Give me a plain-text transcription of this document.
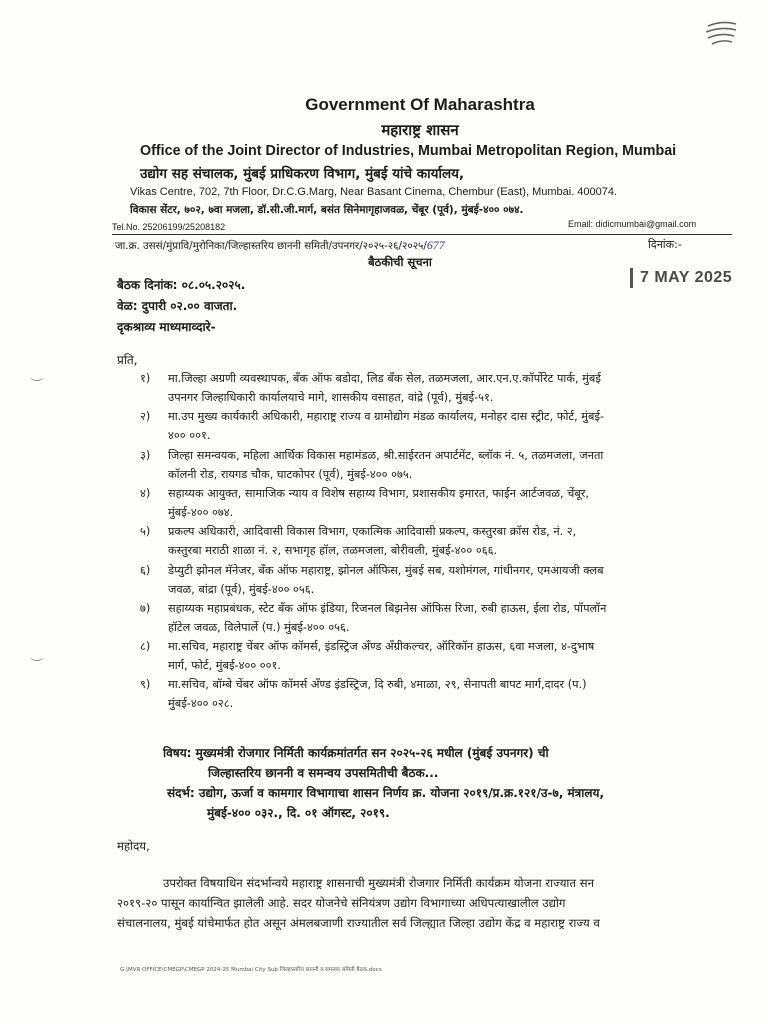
Government Of Maharashtra
महाराष्ट्र शासन
Office of the Joint Director of Industries, Mumbai Metropolitan Region, Mumbai
उद्योग सह संचालक, मुंबई प्राधिकरण विभाग, मुंबई यांचे कार्यालय,
Vikas Centre, 702, 7th Floor, Dr.C.G.Marg, Near Basant Cinema, Chembur (East), Mumbai. 400074.
विकास सेंटर, ७०२, ७वा मजला, डॉ.सी.जी.मार्ग, बसंत सिनेमागृहाजवळ, चेंबूर (पूर्व), मुंबई-४०० ०७४.
Tel.No. 25206199/25208182	Email: didicmumbai@gmail.com
जा.क्र. उससं/मुंप्रावि/मुरोनिका/जिल्हास्तरिय छाननी समिती/उपनगर/२०२५-२६/२०२५/677	दिनांक:-
बैठकीची सूचना
7 MAY 2025
बैठक दिनांक: ०८.०५.२०२५.
वेळ: दुपारी ०२.०० वाजता.
दृकश्राव्य माध्यमाव्दारे-
प्रति,
१) मा.जिल्हा अग्रणी व्यवस्थापक, बँक ऑफ बडोदा, लिड बँक सेल, तळमजला, आर.एन.ए.कॉर्पोरेट पार्क, मुंबई
उपनगर जिल्हाधिकारी कार्यालयाचे मागे, शासकीय वसाहत, वांद्रे (पूर्व), मुंबई-५१.
२) मा.उप मुख्य कार्यकारी अधिकारी, महाराष्ट्र राज्य व ग्रामोद्योग मंडळ कार्यालय, मनोहर दास स्ट्रीट, फोर्ट, मुंबई-
४०० ००१.
३) जिल्हा समन्वयक, महिला आर्थिक विकास महामंडळ, श्री.साईरतन अपार्टमेंट, ब्लॉक नं. ५, तळमजला, जनता
कॉलनी रोड, रायगड चौक, घाटकोपर (पूर्व), मुंबई-४०० ०७५.
४) सहाय्यक आयुक्त, सामाजिक न्याय व विशेष सहाय्य विभाग, प्रशासकीय इमारत, फाईन आर्टजवळ, चेंबूर,
मुंबई-४०० ०७४.
५) प्रकल्प अधिकारी, आदिवासी विकास विभाग, एकात्मिक आदिवासी प्रकल्प, कस्तुरबा क्रॉस रोड, नं. २,
कस्तुरबा मराठी शाळा नं. २, सभागृह हॉल, तळमजला, बोरीवली, मुंबई-४०० ०६६.
६) डेप्युटी झोनल मॅनेजर, बँक ऑफ महाराष्ट्र, झोनल ऑफिस, मुंबई सब, यशोमंगल, गांधीनगर, एमआयजी क्लब
जवळ, बांद्रा (पूर्व), मुंबई-४०० ०५६.
७) सहाय्यक महाप्रबंधक, स्टेट बँक ऑफ इंडिया, रिजनल बिझनेस ऑफिस रिजा, रुबी हाऊस, ईला रोड, पॉपलॉन
हॉटेल जवळ, विलेपार्ले (प.) मुंबई-४०० ०५६.
८) मा.सचिव, महाराष्ट्र चेंबर ऑफ कॉमर्स, इंडस्ट्रिज अँण्ड अँग्रीकल्चर, ऑरिकॉन हाऊस, ६वा मजला, ४-दुभाष
मार्ग, फोर्ट, मुंबई-४०० ००१.
९) मा.सचिव, बॉम्बे चेंबर ऑफ कॉमर्स अँण्ड इंडस्ट्रिज, दि रुबी, ४माळा, २९, सेनापती बापट मार्ग,दादर (प.)
मुंबई-४०० ०२८.
विषय: मुख्यमंत्री रोजगार निर्मिती कार्यक्रमांतर्गत सन २०२५-२६ मधील (मुंबई उपनगर) ची
जिल्हास्तरिय छाननी व समन्वय उपसमितीची बैठक...
संदर्भ: उद्योग, ऊर्जा व कामगार विभागाचा शासन निर्णय क्र. योजना २०१९/प्र.क्र.१२१/उ-७, मंत्रालय,
मुंबई-४०० ०३२., दि. ०१ ऑगस्ट, २०१९.
महोदय,
उपरोक्त विषयाधिन संदर्भान्वये महाराष्ट्र शासनाची मुख्यमंत्री रोजगार निर्मिती कार्यक्रम योजना राज्यात सन
२०१९-२० पासून कार्यान्वित झालेली आहे. सदर योजनेचे संनियंत्रण उद्योग विभागाच्या अधिपत्याखालील उद्योग
संचालनालय, मुंबई यांचेमार्फत होत असून अंमलबजाणी राज्यातील सर्व जिल्ह्यात जिल्हा उद्योग केंद्र व महाराष्ट्र राज्य व
G:\MVR OFFICE\CMEGP\CMEGP 2024-25 Mumbai City Sub जिल्हास्तरिय छाननी व समन्वय समिती बैठक.docx
